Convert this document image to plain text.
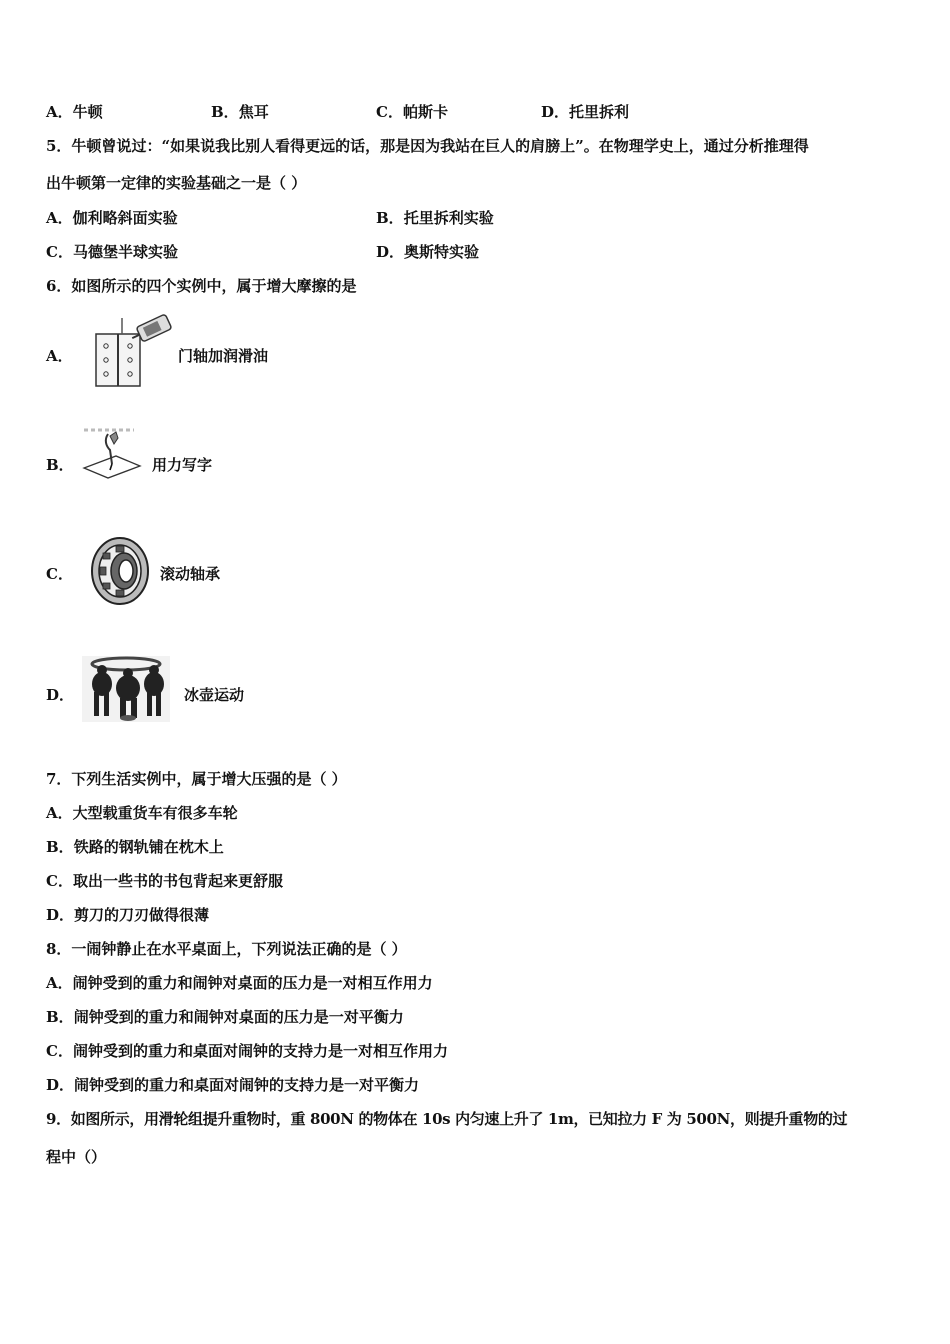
A．牛顿	B．焦耳	C．帕斯卡	D．托里拆利
5．牛顿曾说过：“如果说我比别人看得更远的话，那是因为我站在巨人的肩膀上”。在物理学史上，通过分析推理得
出牛顿第一定律的实验基础之一是（ ）
A．伽利略斜面实验	B．托里拆利实验
C．马德堡半球实验	D．奥斯特实验
6．如图所示的四个实例中，属于增大摩擦的是
A．	门轴加润滑油
B．	用力写字
C．	滚动轴承
D．	冰壶运动
7．下列生活实例中，属于增大压强的是（ ）
A．大型载重货车有很多车轮
B．铁路的钢轨铺在枕木上
C．取出一些书的书包背起来更舒服
D．剪刀的刀刃做得很薄
8．一闹钟静止在水平桌面上，下列说法正确的是（ ）
A．闹钟受到的重力和闹钟对桌面的压力是一对相互作用力
B．闹钟受到的重力和闹钟对桌面的压力是一对平衡力
C．闹钟受到的重力和桌面对闹钟的支持力是一对相互作用力
D．闹钟受到的重力和桌面对闹钟的支持力是一对平衡力
9．如图所示，用滑轮组提升重物时，重 800N 的物体在 10s 内匀速上升了 1m，已知拉力 F 为 500N，则提升重物的过
程中（）
